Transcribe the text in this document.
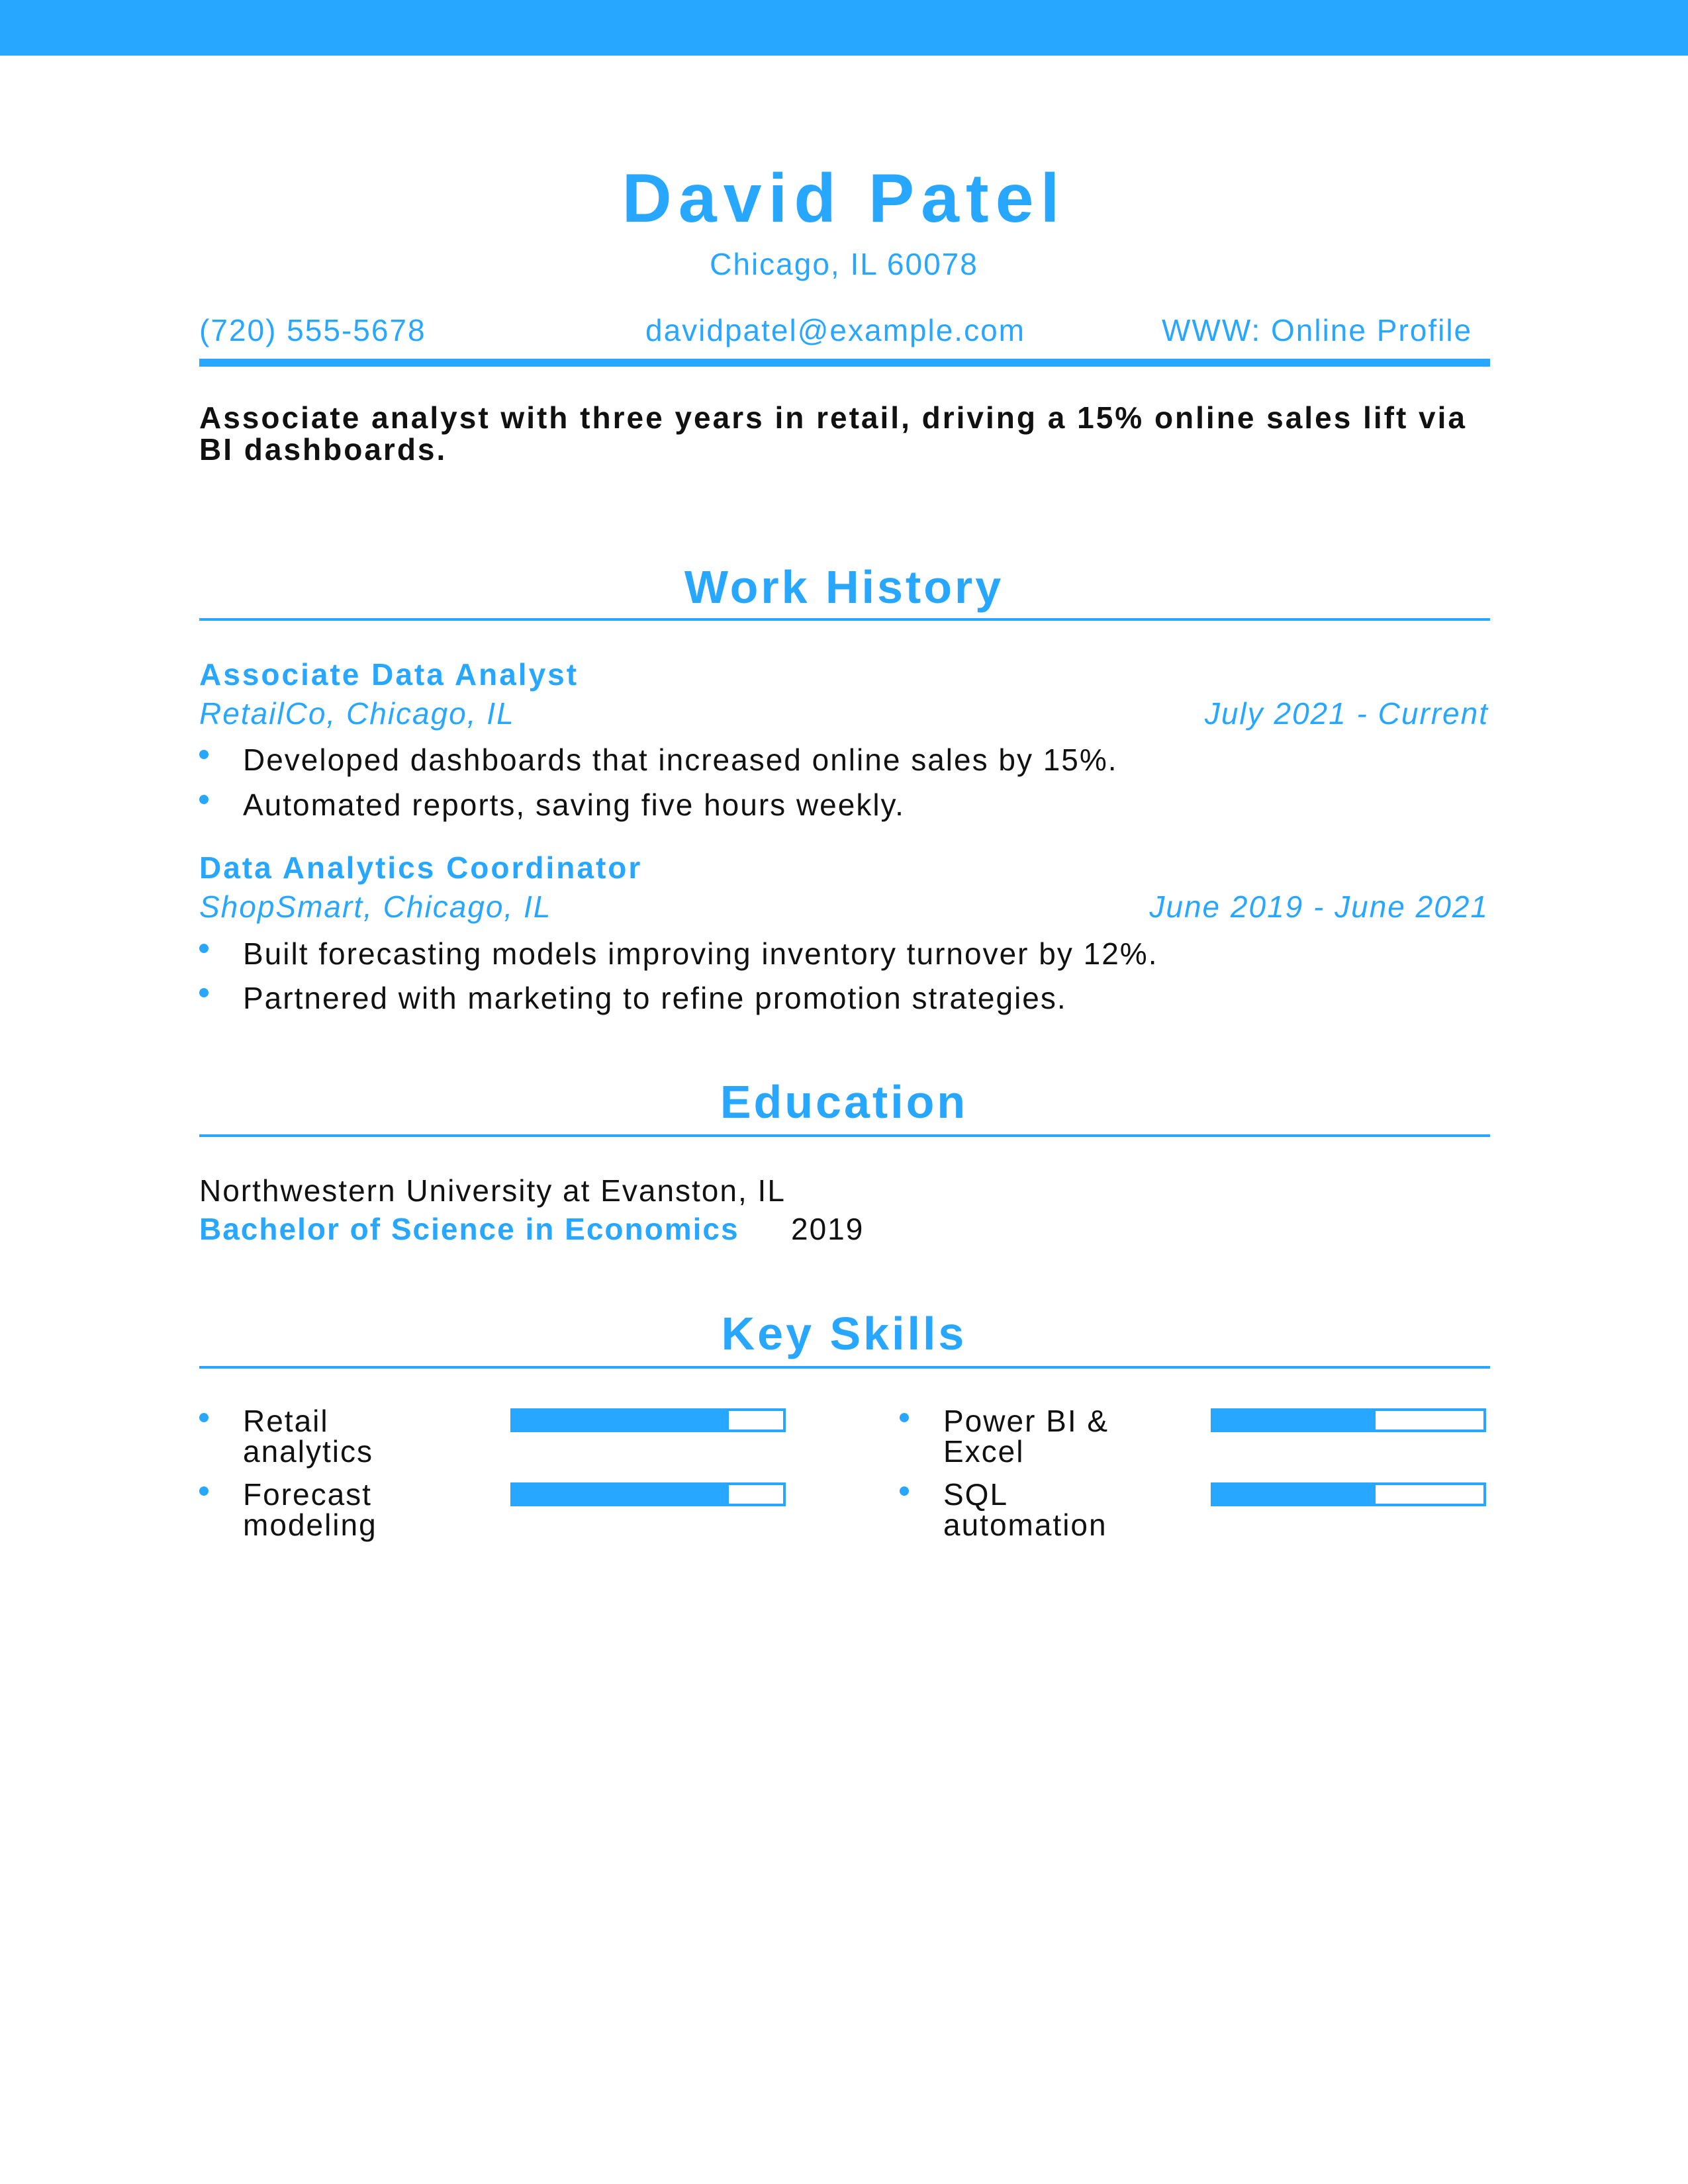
David Patel
Chicago, IL 60078
(720) 555-5678	davidpatel@example.com	WWW: Online Profile
Associate analyst with three years in retail, driving a 15% online sales lift via BI dashboards.
Work History
Associate Data Analyst
RetailCo, Chicago, IL	July 2021 - Current
Developed dashboards that increased online sales by 15%.
Automated reports, saving five hours weekly.
Data Analytics Coordinator
ShopSmart, Chicago, IL	June 2019 - June 2021
Built forecasting models improving inventory turnover by 12%.
Partnered with marketing to refine promotion strategies.
Education
Northwestern University at Evanston, IL
Bachelor of Science in Economics 2019
Key Skills
Retail analytics
Power BI & Excel
Forecast modeling
SQL automation
